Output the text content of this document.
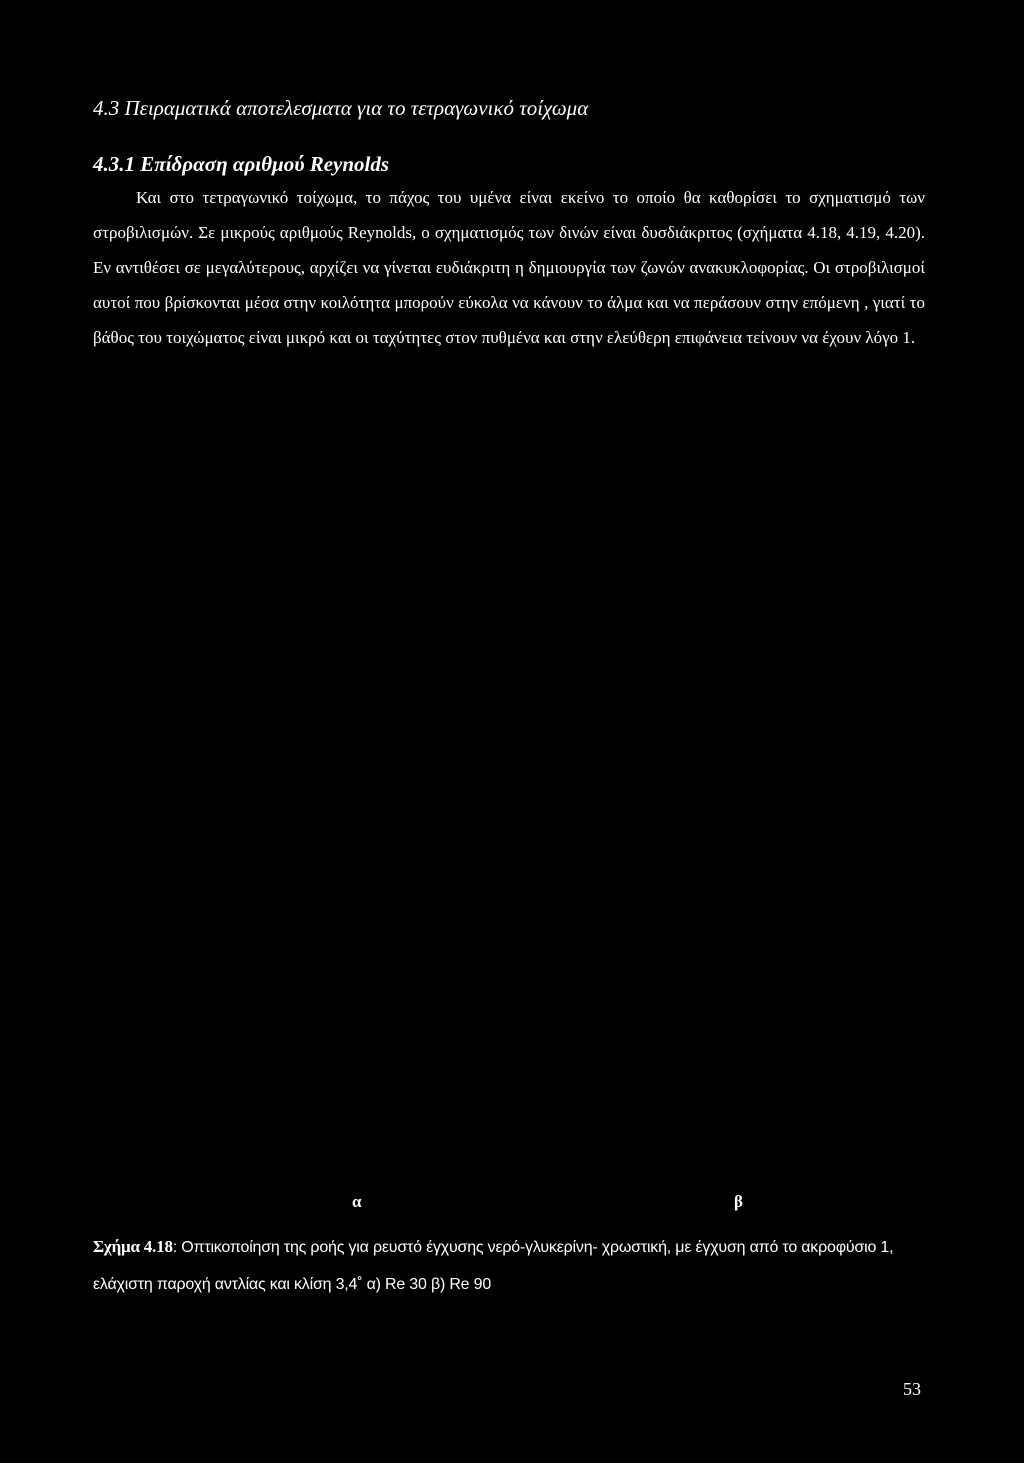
4.3 Πειραματικά αποτελεσματα για το τετραγωνικό τοίχωμα
4.3.1 Επίδραση αριθμού Reynolds

Και στο τετραγωνικό τοίχωμα, το πάχος του υμένα είναι εκείνο το οποίο θα καθορίσει το σχηματισμό των στροβιλισμών. Σε μικρούς αριθμούς Reynolds, ο σχηματισμός των δινών είναι δυσδιάκριτος (σχήματα 4.18, 4.19, 4.20). Εν αντιθέσει σε μεγαλύτερους, αρχίζει να γίνεται ευδιάκριτη η δημιουργία των ζωνών ανακυκλοφορίας. Οι στροβιλισμοί αυτοί που βρίσκονται μέσα στην κοιλότητα μπορούν εύκολα να κάνουν το άλμα και να περάσουν στην επόμενη , γιατί το βάθος του τοιχώματος είναι μικρό και οι ταχύτητες στον πυθμένα και στην ελεύθερη επιφάνεια τείνουν να έχουν λόγο 1.

α	β

Σχήμα 4.18: Οπτικοποίηση της ροής για ρευστό έγχυσης νερό-γλυκερίνη- χρωστική, με έγχυση από το ακροφύσιο 1, ελάχιστη παροχή αντλίας και κλίση 3,4˚ α) Re 30 β) Re 90

53
